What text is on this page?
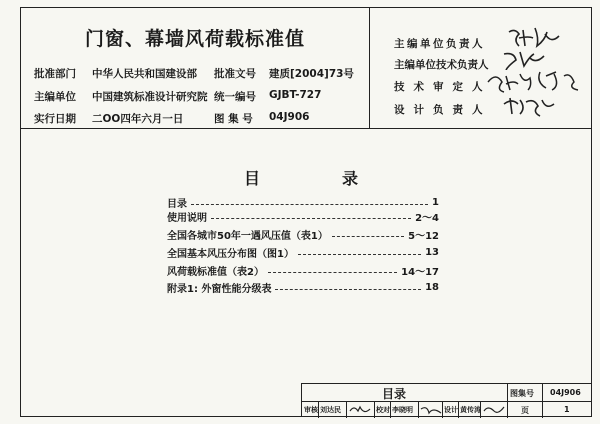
门窗、幕墙风荷载标准值
批准部门 中华人民共和国建设部 批准文号 建质[2004]73号
主编单位 中国建筑标准设计研究院 统一编号 GJBT-727
实行日期 二OO四年六月一日	图 集 号 04J906
主编单位负责人
主编单位技术负责人
技术审定人
设计负责人
目	录
目录	1
使用说明	2～4
全国各城市50年一遇风压值（表1）	5～12
全国基本风压分布图（图1）	13
风荷载标准值（表2）	14～17
附录1: 外窗性能分级表	18
目录	图集号 04J906
页	1
审核 刘达民	校对 李晓明	设计 黄传涛
